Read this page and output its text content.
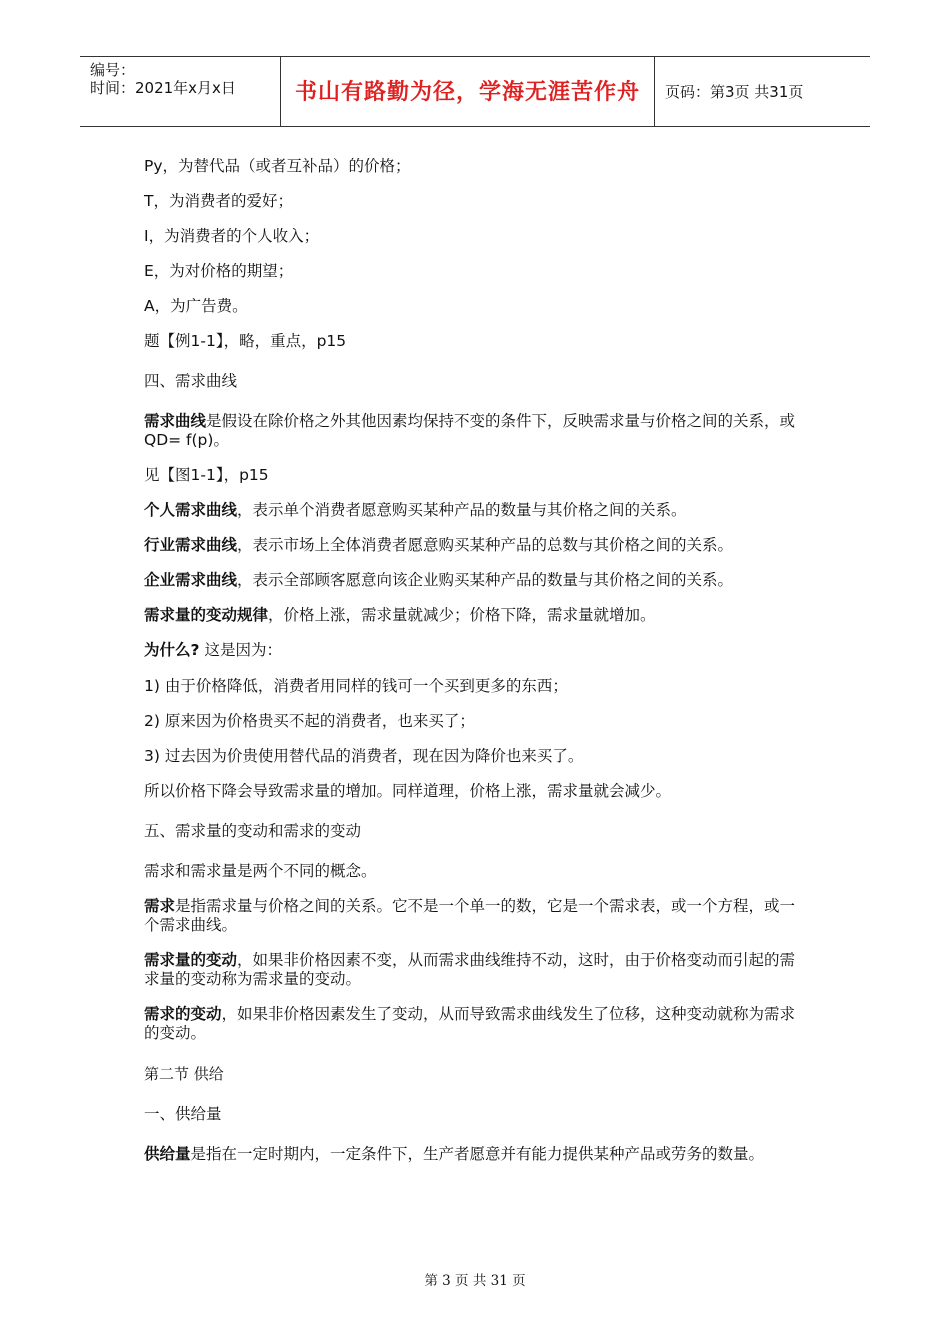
编号：
时间：2021年x月x日	书山有路勤为径，学海无涯苦作舟	页码：第3页 共31页

Py，为替代品（或者互补品）的价格；

T，为消费者的爱好；

I，为消费者的个人收入；

E，为对价格的期望；

A，为广告费。

题【例1-1】，略，重点，p15

四、需求曲线

需求曲线是假设在除价格之外其他因素均保持不变的条件下，反映需求量与价格之间的关系，或QD= f(p)。

见【图1-1】，p15

个人需求曲线，表示单个消费者愿意购买某种产品的数量与其价格之间的关系。

行业需求曲线，表示市场上全体消费者愿意购买某种产品的总数与其价格之间的关系。

企业需求曲线，表示全部顾客愿意向该企业购买某种产品的数量与其价格之间的关系。

需求量的变动规律，价格上涨，需求量就减少；价格下降，需求量就增加。

为什么? 这是因为：

1) 由于价格降低，消费者用同样的钱可一个买到更多的东西；

2) 原来因为价格贵买不起的消费者，也来买了；

3) 过去因为价贵使用替代品的消费者，现在因为降价也来买了。

所以价格下降会导致需求量的增加。同样道理，价格上涨，需求量就会减少。

五、需求量的变动和需求的变动

需求和需求量是两个不同的概念。

需求是指需求量与价格之间的关系。它不是一个单一的数，它是一个需求表，或一个方程，或一个需求曲线。

需求量的变动，如果非价格因素不变，从而需求曲线维持不动，这时，由于价格变动而引起的需求量的变动称为需求量的变动。

需求的变动，如果非价格因素发生了变动，从而导致需求曲线发生了位移，这种变动就称为需求的变动。

第二节 供给

一、供给量

供给量是指在一定时期内，一定条件下，生产者愿意并有能力提供某种产品或劳务的数量。

第 3 页 共 31 页
